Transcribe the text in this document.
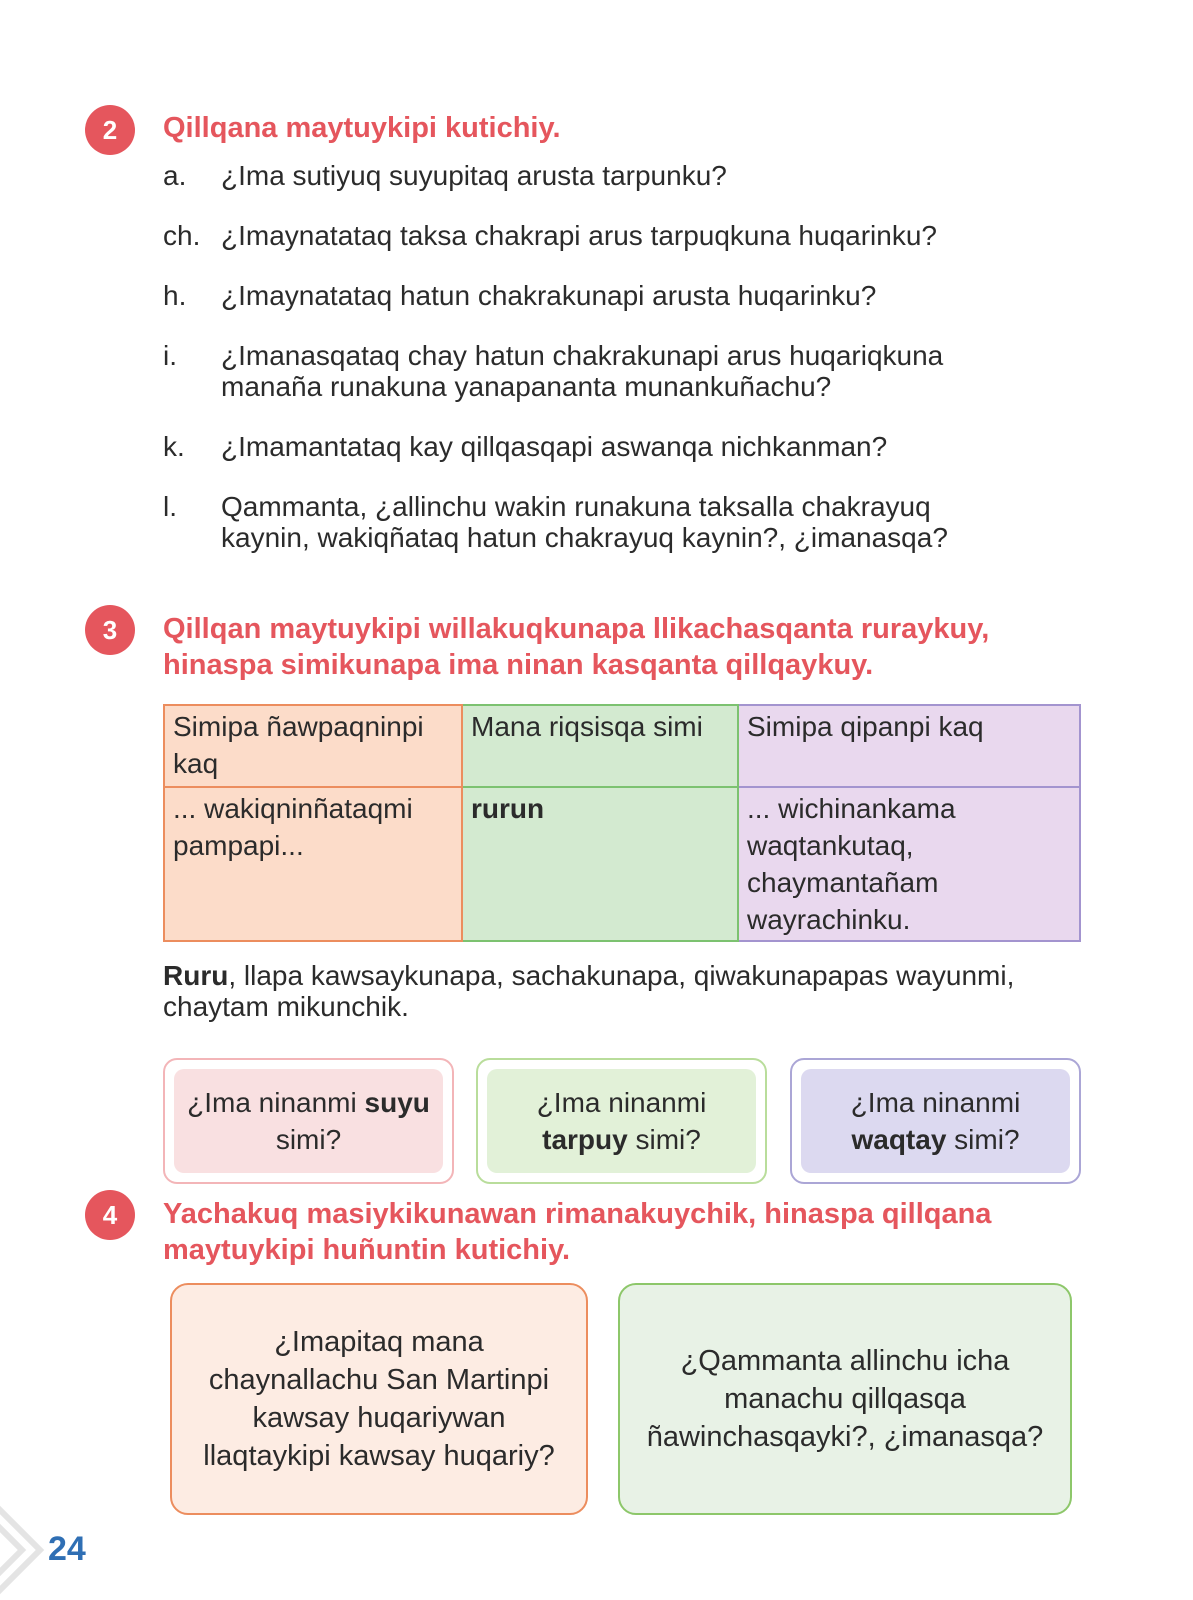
2 Qillqana maytuykipi kutichiy.
a.	¿Ima sutiyuq suyupitaq arusta tarpunku?
ch. ¿Imaynatataq taksa chakrapi arus tarpuqkuna huqarinku?
h.	¿Imaynatataq hatun chakrakunapi arusta huqarinku?
i.	¿Imanasqataq chay hatun chakrakunapi arus huqariqkuna manaña runakuna yanapananta munankuñachu?
k.	¿Imamantataq kay qillqasqapi aswanqa nichkanman?
l.	Qammanta, ¿allinchu wakin runakuna taksalla chakrayuq kaynin, wakiqñataq hatun chakrayuq kaynin?, ¿imanasqa?
3 Qillqan maytuykipi willakuqkunapa llikachasqanta ruraykuy, hinaspa simikunapa ima ninan kasqanta qillqaykuy.
Simipa ñawpaqninpi kaq	Mana riqsisqa simi	Simipa qipanpi kaq
... wakiqninñataqmi pampapi...	rurun	... wichinankama waqtankutaq, chaymantañam wayrachinku.

Ruru, llapa kawsaykunapa, sachakunapa, qiwakunapapas wayunmi, chaytam mikunchik.

¿Ima ninanmi suyu simi?
¿Ima ninanmi tarpuy simi?
¿Ima ninanmi waqtay simi?
4 Yachakuq masiykikunawan rimanakuychik, hinaspa qillqana maytuykipi huñuntin kutichiy.
¿Imapitaq mana chaynallachu San Martinpi kawsay huqariywan llaqtaykipi kawsay huqariy?
¿Qammanta allinchu icha manachu qillqasqa ñawinchasqayki?, ¿imanasqa?
24
